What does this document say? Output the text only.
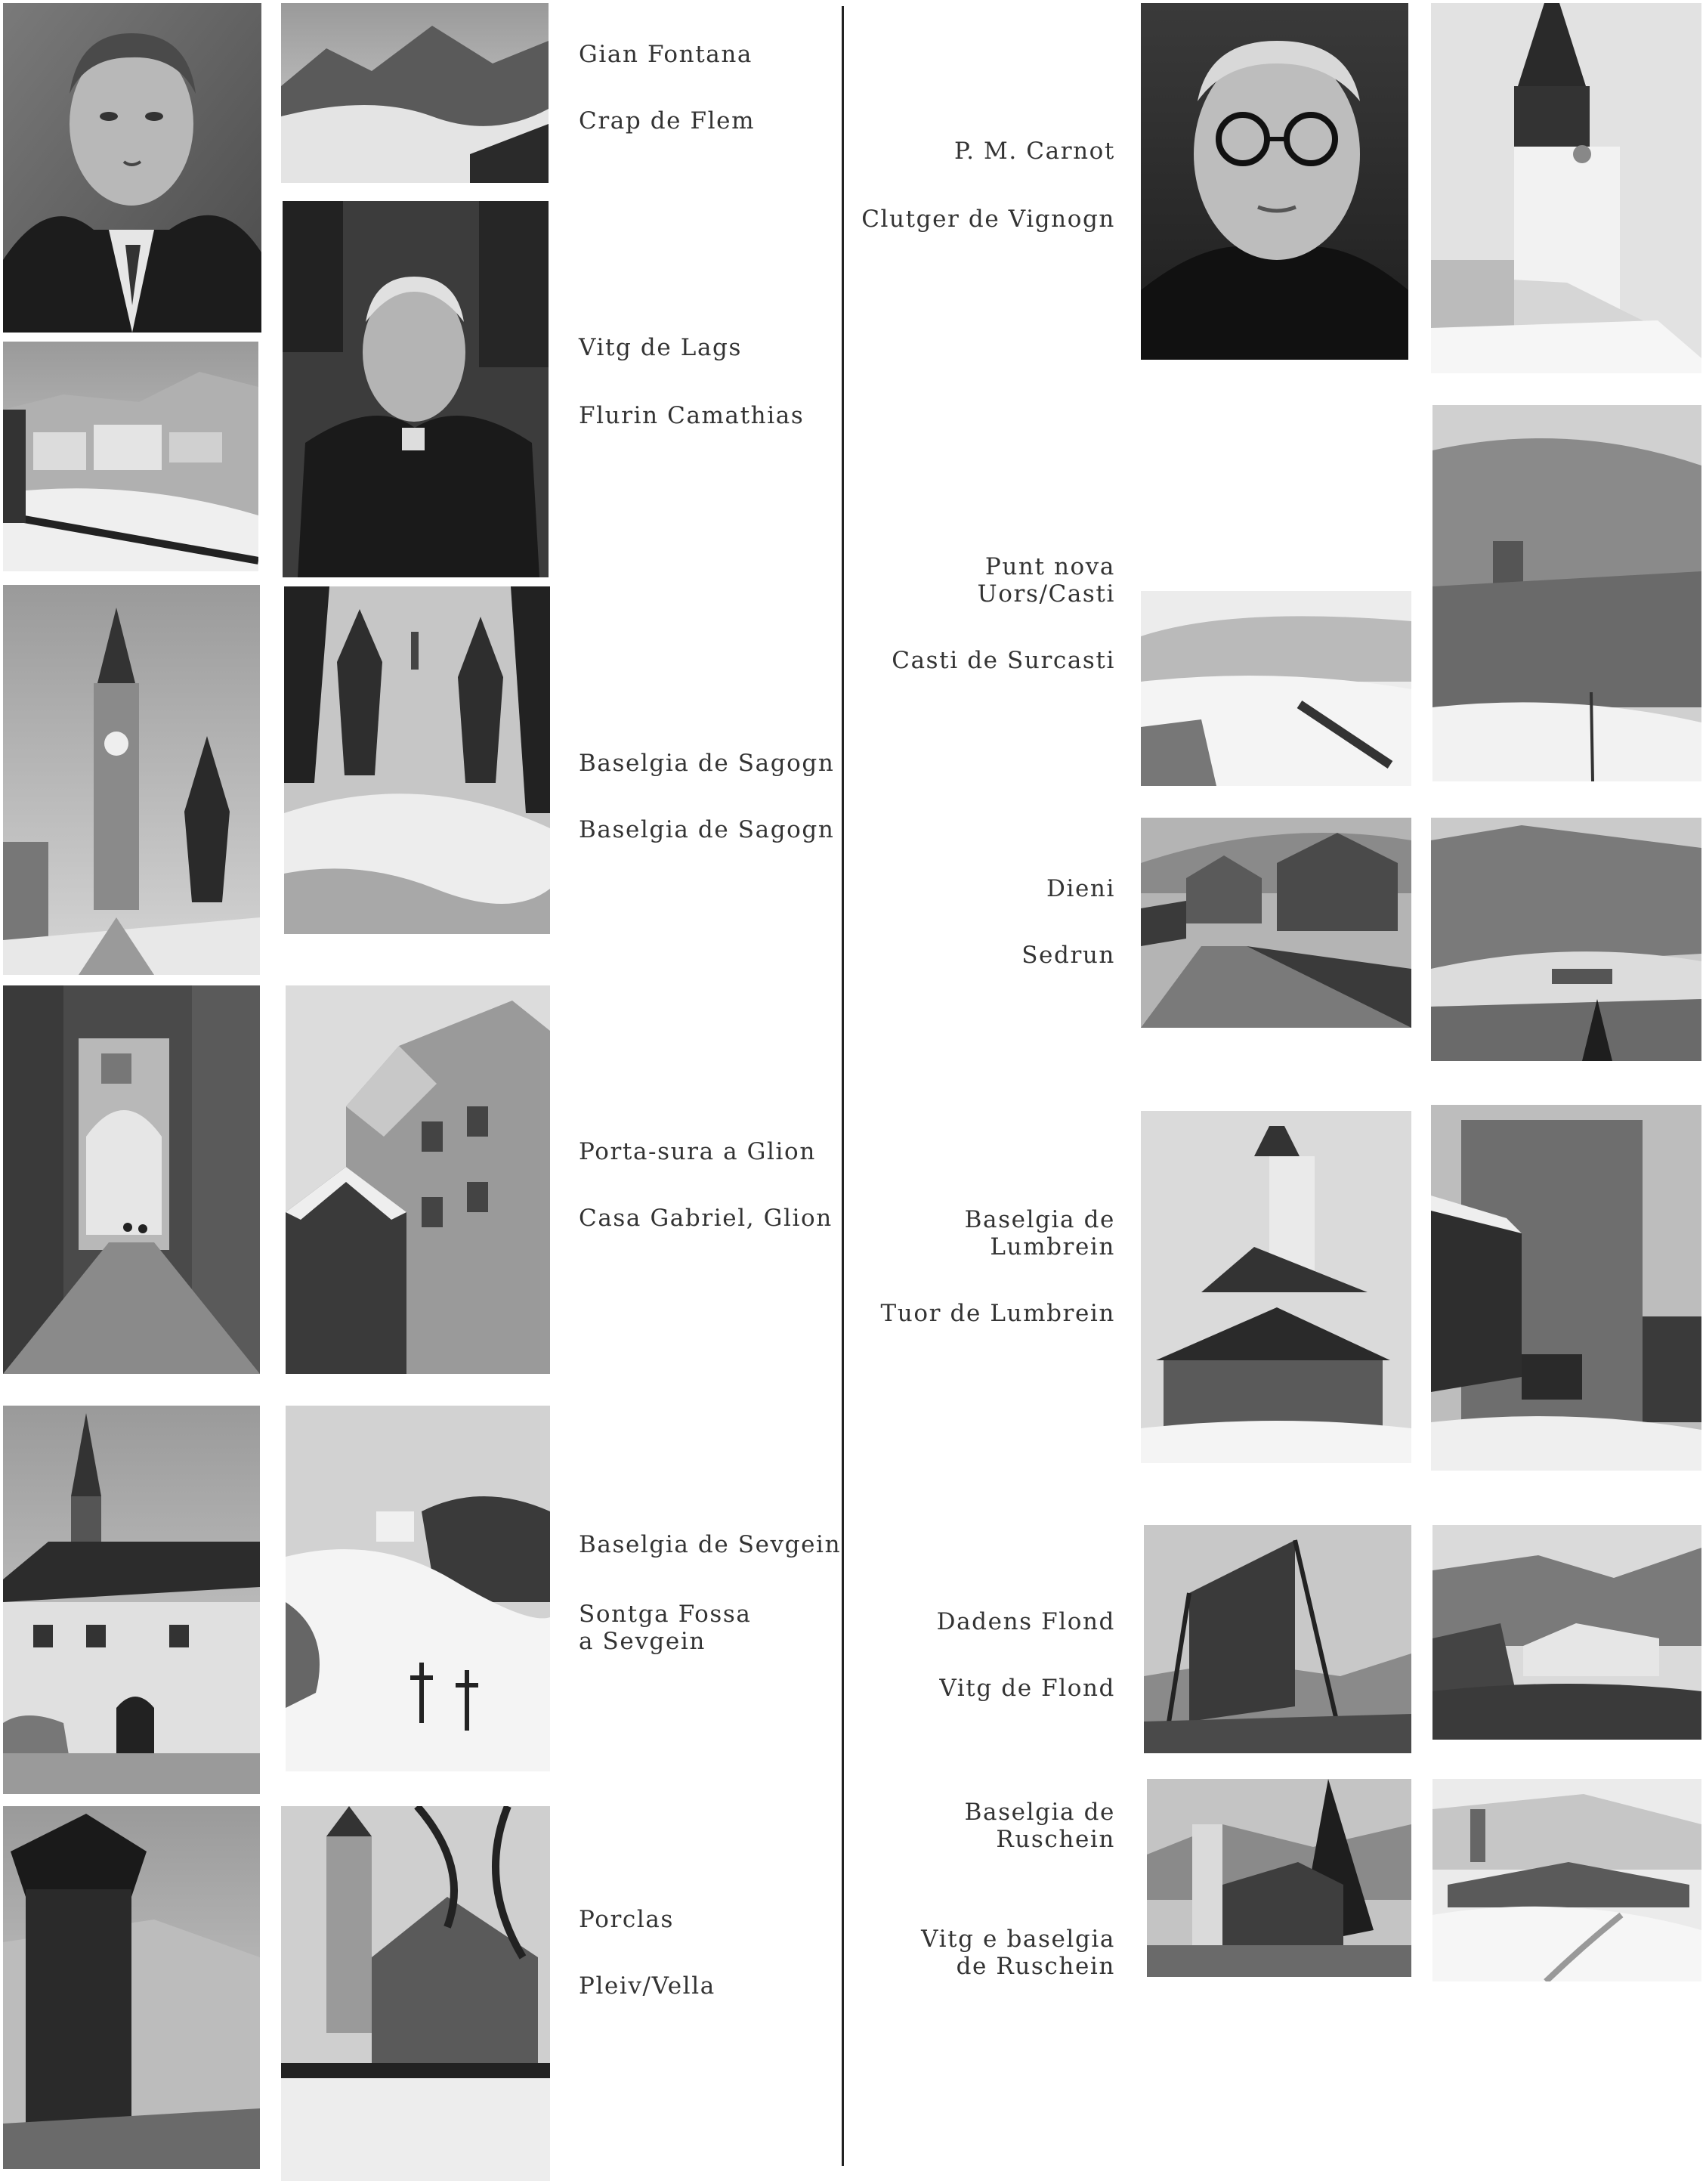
Gian Fontana
Crap de Flem
Vitg de Lags
Flurin Camathias
Baselgia de Sagogn
Baselgia de Sagogn
Porta-sura a Glion
Casa Gabriel, Glion
Baselgia de Sevgein
Sontga Fossa
a Sevgein
Porclas
Pleiv/Vella
P. M. Carnot
Clutger de Vignogn
Punt nova
Uors/Casti
Casti de Surcasti
Dieni
Sedrun
Baselgia de
Lumbrein
Tuor de Lumbrein
Dadens Flond
Vitg de Flond
Baselgia de
Ruschein
Vitg e baselgia
de Ruschein
